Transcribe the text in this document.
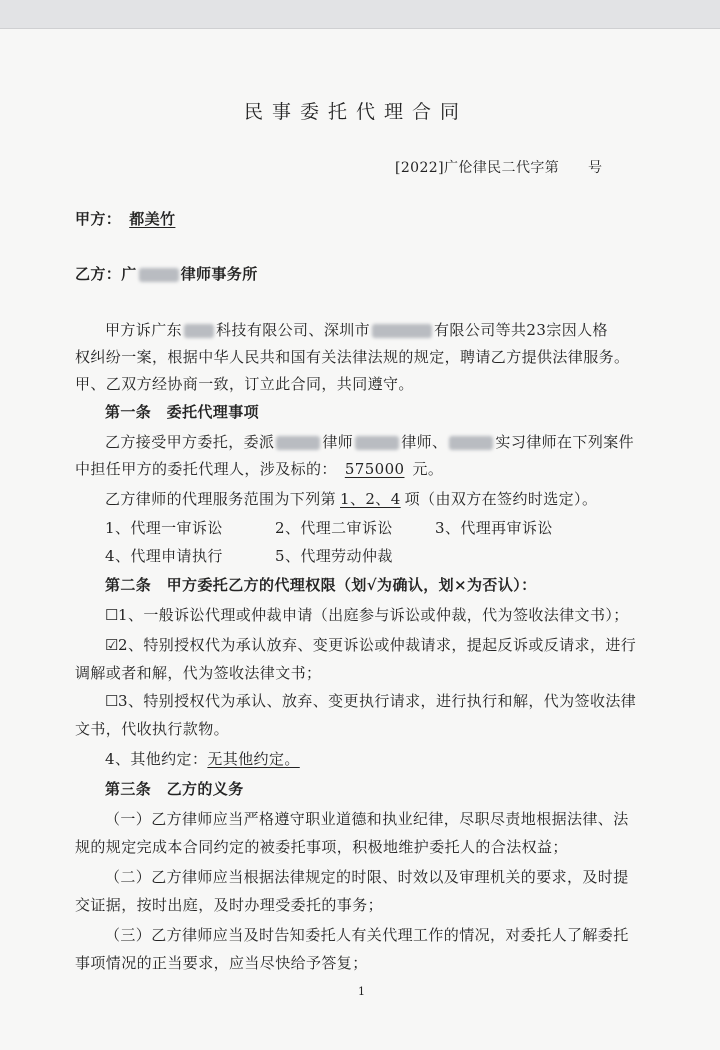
民事委托代理合同
[2022]广伦律民二代字第　　号
甲方： 都美竹
乙方：广	律师事务所
甲方诉广东 科技有限公司、深圳市	有限公司等共23宗因人格
权纠纷一案，根据中华人民共和国有关法律法规的规定，聘请乙方提供法律服务。
甲、乙双方经协商一致，订立此合同，共同遵守。
第一条　委托代理事项
乙方接受甲方委托，委派	律师	律师、	实习律师在下列案件
中担任甲方的委托代理人，涉及标的： 575000 元。
乙方律师的代理服务范围为下列第 1、2、4 项（由双方在签约时选定）。
1、代理一审诉讼	2、代理二审诉讼	3、代理再审诉讼
4、代理申请执行	5、代理劳动仲裁
第二条　甲方委托乙方的代理权限（划√为确认，划×为否认）：
☐1、一般诉讼代理或仲裁申请（出庭参与诉讼或仲裁，代为签收法律文书）；
☑2、特别授权代为承认放弃、变更诉讼或仲裁请求，提起反诉或反请求，进行
调解或者和解，代为签收法律文书；
☐3、特别授权代为承认、放弃、变更执行请求，进行执行和解，代为签收法律
文书，代收执行款物。
4、其他约定：无其他约定。
第三条　乙方的义务
（一）乙方律师应当严格遵守职业道德和执业纪律，尽职尽责地根据法律、法
规的规定完成本合同约定的被委托事项，积极地维护委托人的合法权益；
（二）乙方律师应当根据法律规定的时限、时效以及审理机关的要求，及时提
交证据，按时出庭，及时办理受委托的事务；
（三）乙方律师应当及时告知委托人有关代理工作的情况，对委托人了解委托
事项情况的正当要求，应当尽快给予答复；
1
